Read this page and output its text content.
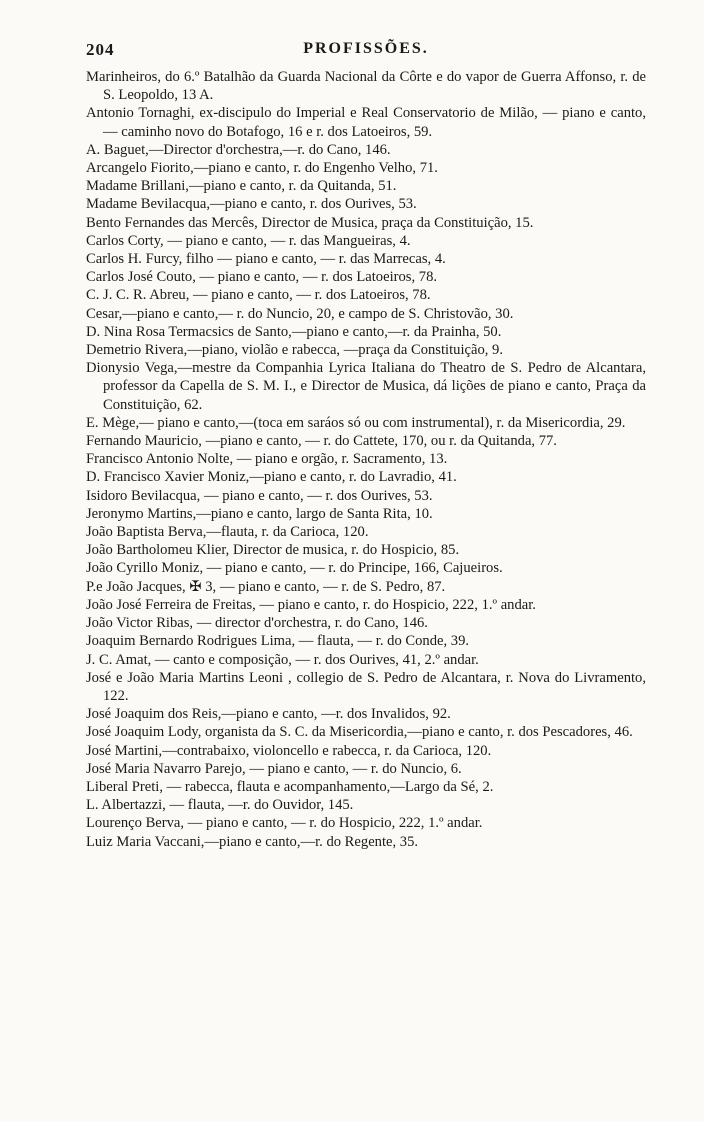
204	PROFISSÕES.
Marinheiros, do 6.º Batalhão da Guarda Nacional da Côrte e do vapor de Guerra Affonso, r. de S. Leopoldo, 13 A.
Antonio Tornaghi, ex-discipulo do Imperial e Real Conservatorio de Milão, — piano e canto, — caminho novo do Botafogo, 16 e r. dos Latoeiros, 59.
A. Baguet,—Director d'orchestra,—r. do Cano, 146.
Arcangelo Fiorito,—piano e canto, r. do Engenho Velho, 71.
Madame Brillani,—piano e canto, r. da Quitanda, 51.
Madame Bevilacqua,—piano e canto, r. dos Ourives, 53.
Bento Fernandes das Mercês, Director de Musica, praça da Constituição, 15.
Carlos Corty, — piano e canto, — r. das Mangueiras, 4.
Carlos H. Furcy, filho — piano e canto, — r. das Marrecas, 4.
Carlos José Couto, — piano e canto, — r. dos Latoeiros, 78.
C. J. C. R. Abreu, — piano e canto, — r. dos Latoeiros, 78.
Cesar,—piano e canto,— r. do Nuncio, 20, e campo de S. Christovão, 30.
D. Nina Rosa Termacsics de Santo,—piano e canto,—r. da Prainha, 50.
Demetrio Rivera,—piano, violão e rabecca, —praça da Constituição, 9.
Dionysio Vega,—mestre da Companhia Lyrica Italiana do Theatro de S. Pedro de Alcantara, professor da Capella de S. M. I., e Director de Musica, dá lições de piano e canto, Praça da Constituição, 62.
E. Mège,— piano e canto,—(toca em saráos só ou com instrumental), r. da Misericordia, 29.
Fernando Mauricio, —piano e canto, — r. do Cattete, 170, ou r. da Quitanda, 77.
Francisco Antonio Nolte, — piano e orgão, r. Sacramento, 13.
D. Francisco Xavier Moniz,—piano e canto, r. do Lavradio, 41.
Isidoro Bevilacqua, — piano e canto, — r. dos Ourives, 53.
Jeronymo Martins,—piano e canto, largo de Santa Rita, 10.
João Baptista Berva,—flauta, r. da Carioca, 120.
João Bartholomeu Klier, Director de musica, r. do Hospicio, 85.
João Cyrillo Moniz, — piano e canto, — r. do Principe, 166, Cajueiros.
P.e João Jacques, ✠ 3, — piano e canto, — r. de S. Pedro, 87.
João José Ferreira de Freitas, — piano e canto, r. do Hospicio, 222, 1.º andar.
João Victor Ribas, — director d'orchestra, r. do Cano, 146.
Joaquim Bernardo Rodrigues Lima, — flauta, — r. do Conde, 39.
J. C. Amat, — canto e composição, — r. dos Ourives, 41, 2.º andar.
José e João Maria Martins Leoni , collegio de S. Pedro de Alcantara, r. Nova do Livramento, 122.
José Joaquim dos Reis,—piano e canto, —r. dos Invalidos, 92.
José Joaquim Lody, organista da S. C. da Misericordia,—piano e canto, r. dos Pescadores, 46.
José Martini,—contrabaixo, violoncello e rabecca, r. da Carioca, 120.
José Maria Navarro Parejo, — piano e canto, — r. do Nuncio, 6.
Liberal Preti, — rabecca, flauta e acompanhamento,—Largo da Sé, 2.
L. Albertazzi, — flauta, —r. do Ouvidor, 145.
Lourenço Berva, — piano e canto, — r. do Hospicio, 222, 1.º andar.
Luiz Maria Vaccani,—piano e canto,—r. do Regente, 35.
